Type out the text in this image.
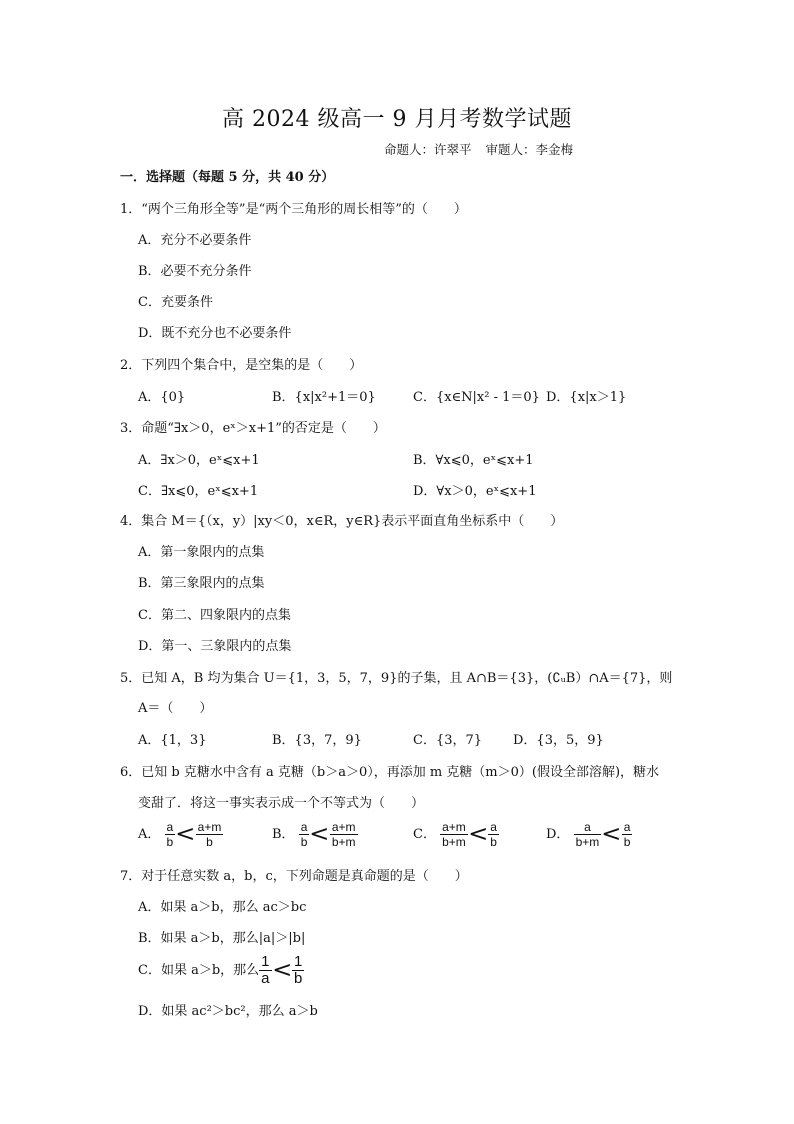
高 2024 级高一 9 月月考数学试题
命题人：许翠平 审题人：李金梅
一．选择题（每题 5 分，共 40 分）
1．“两个三角形全等”是“两个三角形的周长相等”的（　　）
A．充分不必要条件
B．必要不充分条件
C．充要条件
D．既不充分也不必要条件
2．下列四个集合中，是空集的是（　　）
A．{0}	B．{x|x²+1＝0}	C．{x∈N|x² - 1＝0} D．{x|x＞1}
3．命题“∃x＞0，eˣ＞x+1”的否定是（　　）
A．∃x＞0，eˣ⩽x+1	B．∀x⩽0，eˣ⩽x+1
C．∃x⩽0，eˣ⩽x+1	D．∀x＞0，eˣ⩽x+1
4．集合 M＝{（x，y）|xy＜0，x∈R，y∈R}表示平面直角坐标系中（　　）
A．第一象限内的点集
B．第三象限内的点集
C．第二、四象限内的点集
D．第一、三象限内的点集
5．已知 A，B 均为集合 U＝{1，3，5，7，9}的子集，且 A∩B＝{3}，(∁ᵤB）∩A＝{7}，则
A＝（　　）
A．{1，3}	B．{3，7，9}	C．{3，7} D．{3，5，9}
6．已知 b 克糖水中含有 a 克糖（b＞a＞0），再添加 m 克糖（m＞0）(假设全部溶解)，糖水
变甜了．将这一事实表示成一个不等式为（　　）
A． $\frac{a}{b} < \frac{a+m}{b}$	B． $\frac{a}{b} < \frac{a+m}{b+m}$	C． $\frac{a+m}{b+m} < \frac{a}{b}$	D． $\frac{a}{b+m} < \frac{a}{b}$
7．对于任意实数 a，b，c，下列命题是真命题的是（　　）
A．如果 a＞b，那么 ac＞bc
B．如果 a＞b，那么|a|＞|b|
C．如果 a＞b，那么 $\frac{1}{a} < \frac{1}{b}$
D．如果 ac²＞bc²，那么 a＞b
